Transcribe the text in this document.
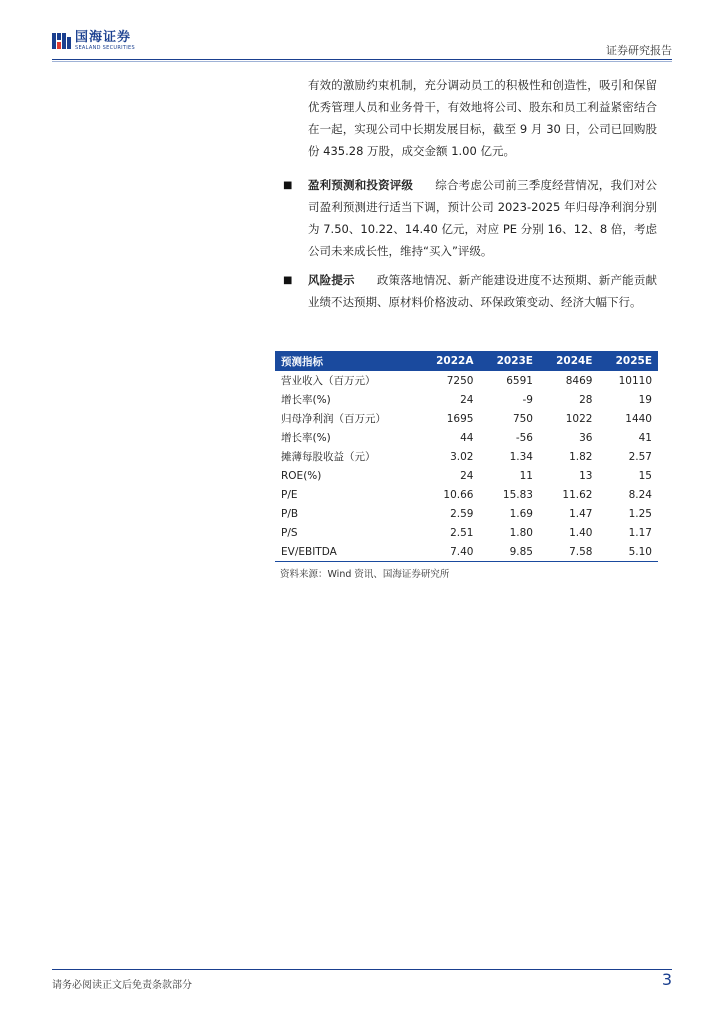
国海证券
SEALAND SECURITIES	证券研究报告

有效的激励约束机制，充分调动员工的积极性和创造性，吸引和保留优秀管理人员和业务骨干，有效地将公司、股东和员工利益紧密结合在一起，实现公司中长期发展目标，截至 9 月 30 日，公司已回购股份 435.28 万股，成交金额 1.00 亿元。

■ 盈利预测和投资评级 综合考虑公司前三季度经营情况，我们对公司盈利预测进行适当下调，预计公司 2023-2025 年归母净利润分别为 7.50、10.22、14.40 亿元，对应 PE 分别 16、12、8 倍，考虑公司未来成长性，维持“买入”评级。

■ 风险提示 政策落地情况、新产能建设进度不达预期、新产能贡献业绩不达预期、原材料价格波动、环保政策变动、经济大幅下行。

预测指标	2022A	2023E	2024E	2025E
营业收入（百万元）	7250	6591	8469	10110
增长率(%)	24	-9	28	19
归母净利润（百万元）	1695	750	1022	1440
增长率(%)	44	-56	36	41
摊薄每股收益（元）	3.02	1.34	1.82	2.57
ROE(%)	24	11	13	15
P/E	10.66	15.83	11.62	8.24
P/B	2.59	1.69	1.47	1.25
P/S	2.51	1.80	1.40	1.17
EV/EBITDA	7.40	9.85	7.58	5.10
资料来源：Wind 资讯、国海证券研究所
请务必阅读正文后免责条款部分	3
